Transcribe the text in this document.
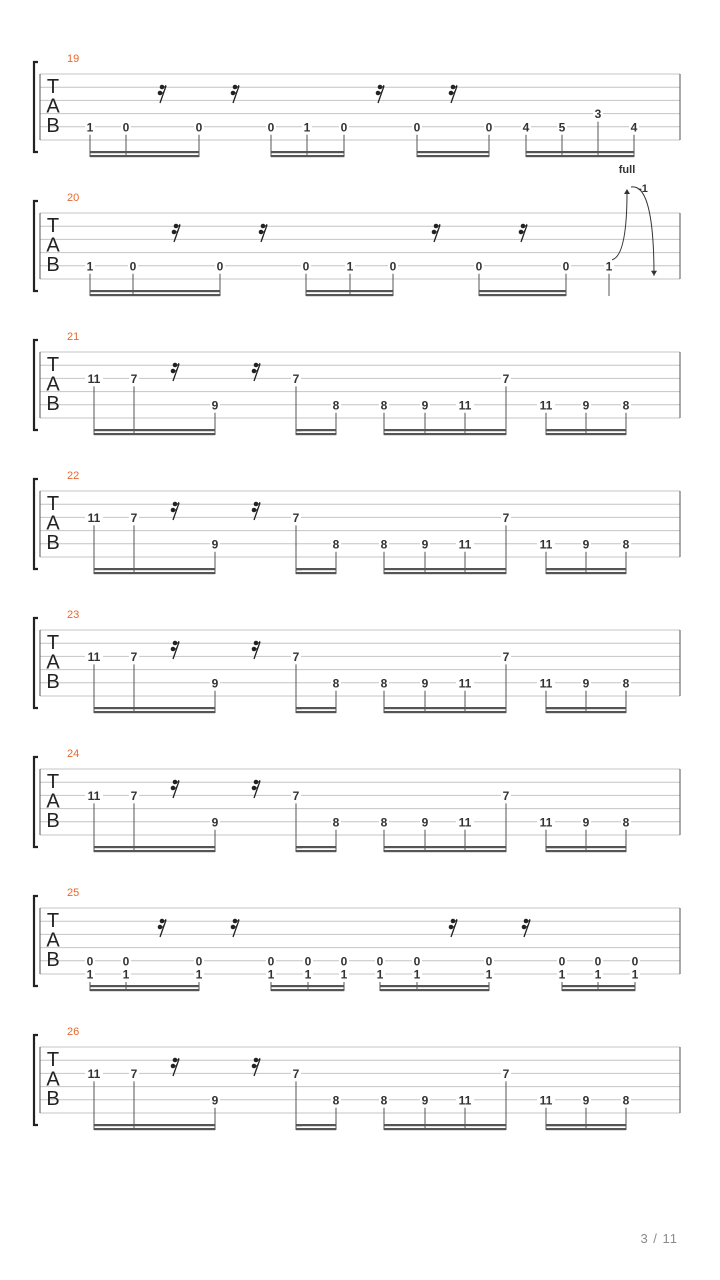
T
A
B
19
1 0	0	0 1	0	0	0	4 5
3
4
T
A
B
20
1	0	0	0	1	0	0	0	1
full
-1
T
A
B
21
11	7
9
7
8	8	9	11
7
11	9	8
T
A
B
22
11	7
9
7
8	8	9	11
7
11	9	8
T
A
B
23
11	7
9
7
8	8	9	11
7
11	9	8
T
A
B
24
11	7
9
7
8	8	9	11
7
11	9	8
T
A
B
25
0
1
0
1
0
1
0
1
0
1
0
1
0
1
0
1
0
1
0
1
0
1
0
1
T
A
B
26
11	7
9
7
8	8	9	11
7
11	9	8
3 / 11
